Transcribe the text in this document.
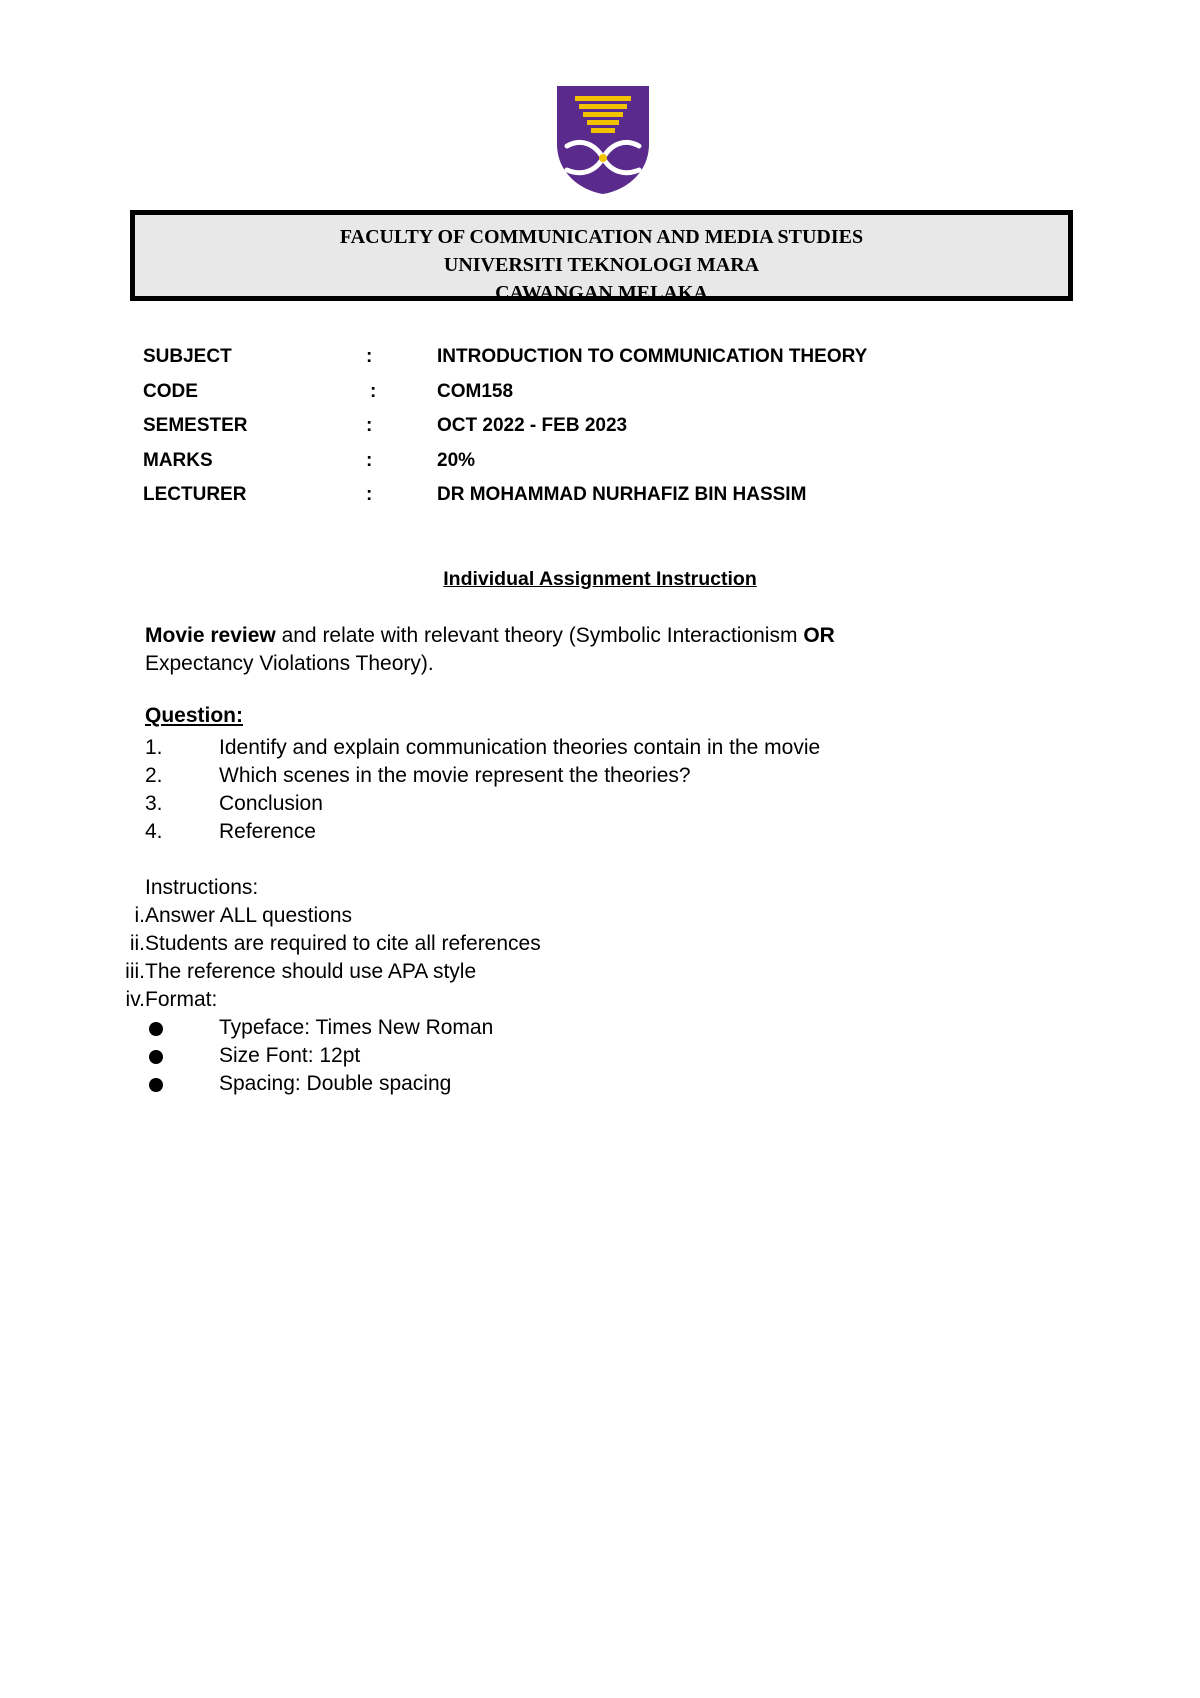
FACULTY OF COMMUNICATION AND MEDIA STUDIES
UNIVERSITI TEKNOLOGI MARA
CAWANGAN MELAKA
SUBJECT	:	INTRODUCTION TO COMMUNICATION THEORY
CODE	:	COM158
SEMESTER	:	OCT 2022 - FEB 2023
MARKS	:	20%
LECTURER	:	DR MOHAMMAD NURHAFIZ BIN HASSIM
Individual Assignment Instruction
Movie review and relate with relevant theory (Symbolic Interactionism OR
Expectancy Violations Theory).
Question:
1.	Identify and explain communication theories contain in the movie
2.	Which scenes in the movie represent the theories?
3.	Conclusion
4.	Reference
Instructions:
i. Answer ALL questions
ii. Students are required to cite all references
iii. The reference should use APA style
iv. Format:
Typeface: Times New Roman
Size Font: 12pt
Spacing: Double spacing
